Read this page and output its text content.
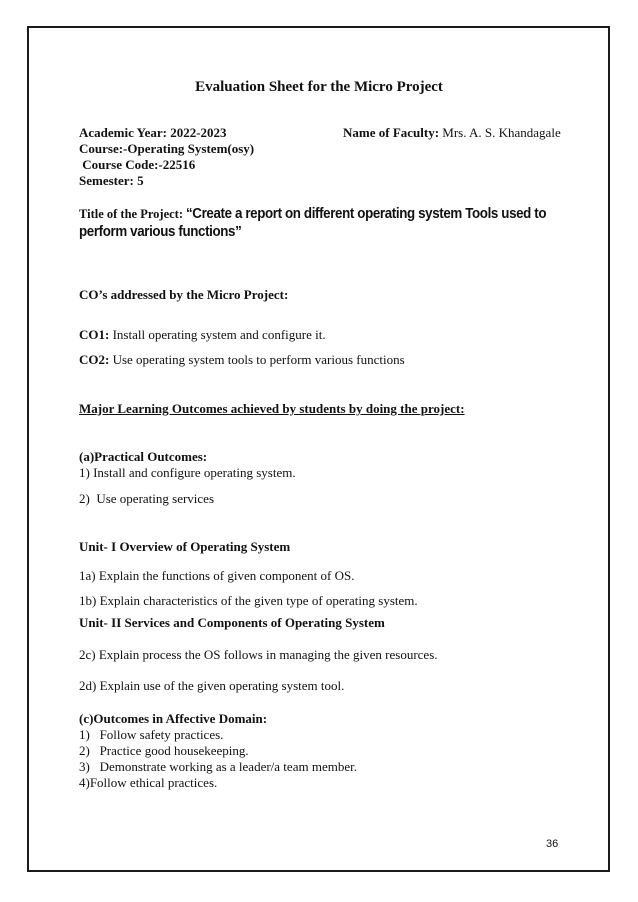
Evaluation Sheet for the Micro Project
Academic Year: 2022-2023	Name of Faculty: Mrs. A. S. Khandagale
Course:-Operating System(osy)
Course Code:-22516
Semester: 5
Title of the Project: “Create a report on different operating system Tools used to
perform various functions”
CO’s addressed by the Micro Project:
CO1: Install operating system and configure it.
CO2: Use operating system tools to perform various functions
Major Learning Outcomes achieved by students by doing the project:
(a)Practical Outcomes:
1) Install and configure operating system.
2)  Use operating services
Unit- I Overview of Operating System
1a) Explain the functions of given component of OS.
1b) Explain characteristics of the given type of operating system.
Unit- II Services and Components of Operating System
2c) Explain process the OS follows in managing the given resources.
2d) Explain use of the given operating system tool.
(c)Outcomes in Affective Domain:
1)   Follow safety practices.
2)   Practice good housekeeping.
3)   Demonstrate working as a leader/a team member.
4)Follow ethical practices.
36
